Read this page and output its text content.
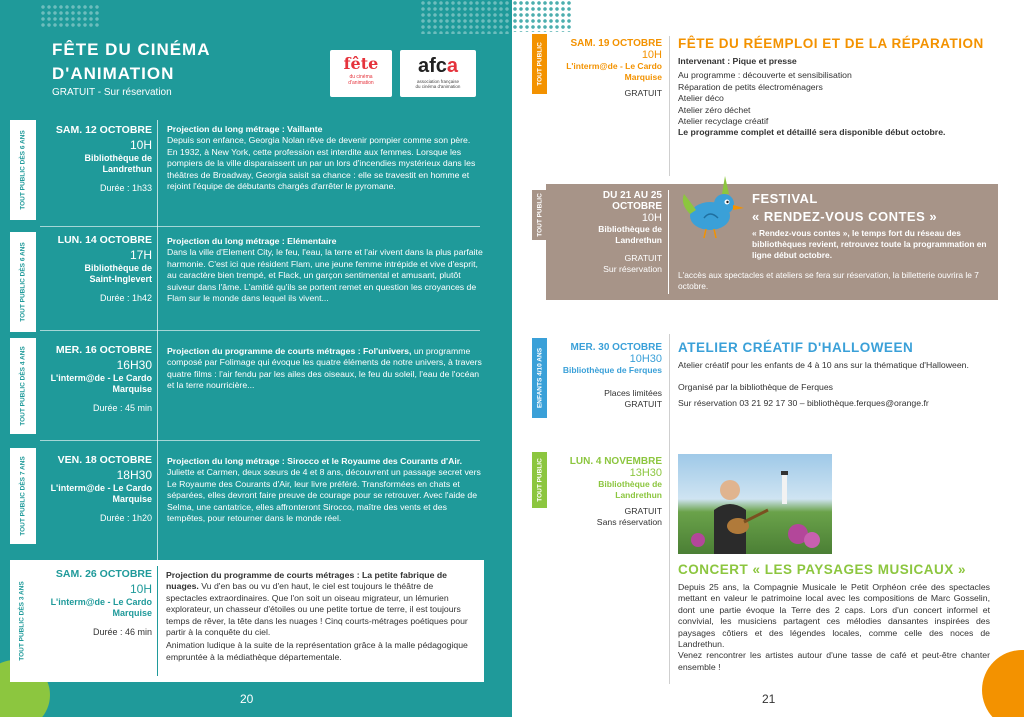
FÊTE DU CINÉMA D'ANIMATION
GRATUIT - Sur réservation
fête
du cinéma
d'animation
afca
association française
du cinéma d'animation
TOUT PUBLIC DÈS 6 ANS
SAM. 12 OCTOBRE
10H
Bibliothèque de Landrethun
Durée : 1h33
Projection du long métrage : Vaillante
Depuis son enfance, Georgia Nolan rêve de devenir pompier comme son père. En 1932, à New York, cette profession est interdite aux femmes. Lorsque les pompiers de la ville disparaissent un par un lors d'incendies mystérieux dans les théâtres de Broadway, Georgia saisit sa chance : elle se travestit en homme et rejoint l'équipe de débutants chargés d'arrêter le pyromane.
TOUT PUBLIC DÈS 6 ANS
LUN. 14 OCTOBRE
17H
Bibliothèque de Saint-Inglevert
Durée : 1h42
Projection du long métrage : Elémentaire
Dans la ville d'Element City, le feu, l'eau, la terre et l'air vivent dans la plus parfaite harmonie. C'est ici que résident Flam, une jeune femme intrépide et vive d'esprit, au caractère bien trempé, et Flack, un garçon sentimental et amusant, plutôt suiveur dans l'âme. L'amitié qu'ils se portent remet en question les croyances de Flam sur le monde dans lequel ils vivent...
TOUT PUBLIC DÈS 4 ANS	MER. 16 OCTOBRE
16H30
L'interm@de - Le Cardo Marquise
Durée : 45 min
Projection du programme de courts métrages : Fol'univers, un programme composé par Folimage qui évoque les quatre éléments de notre univers, à travers quatre films : l'air fendu par les ailes des oiseaux, le feu du soleil, l'eau de l'océan et la terre nourricière...
TOUT PUBLIC DÈS 7 ANS	VEN. 18 OCTOBRE
18H30
L'interm@de - Le Cardo Marquise
Durée : 1h20
Projection du long métrage : Sirocco et le Royaume des Courants d'Air. Juliette et Carmen, deux sœurs de 4 et 8 ans, découvrent un passage secret vers Le Royaume des Courants d'Air, leur livre préféré. Transformées en chats et séparées, elles devront faire preuve de courage pour se retrouver. Avec l'aide de Selma, une cantatrice, elles affronteront Sirocco, maître des vents et des tempêtes, pour retourner dans le monde réel.
TOUT PUBLIC DÈS 3 ANS
SAM. 26 OCTOBRE
10H
L'interm@de - Le Cardo Marquise
Durée : 46 min
Projection du programme de courts métrages : La petite fabrique de nuages. Vu d'en bas ou vu d'en haut, le ciel est toujours le théâtre de spectacles extraordinaires. Que l'on soit un oiseau migrateur, un lémurien explorateur, un chasseur d'étoiles ou une petite tortue de terre, il est toujours temps de rêver, la tête dans les nuages ! Cinq courts-métrages poétiques pour partir à la conquête du ciel.
Animation ludique à la suite de la représentation grâce à la malle pédagogique empruntée à la médiathèque départementale.
20
TOUT PUBLIC	SAM. 19 OCTOBRE
10H
L'interm@de - Le Cardo Marquise
GRATUIT
FÊTE DU RÉEMPLOI ET DE LA RÉPARATION
Intervenant : Pique et presse
Au programme : découverte et sensibilisation
Réparation de petits électroménagers
Atelier déco
Atelier zéro déchet
Atelier recyclage créatif
Le programme complet et détaillé sera disponible début octobre.
TOUT PUBLIC	DU 21 AU 25
OCTOBRE
10H
Bibliothèque de Landrethun
GRATUIT
Sur réservation
FESTIVAL
« RENDEZ-VOUS CONTES »
« Rendez-vous contes », le temps fort du réseau des bibliothèques revient, retrouvez toute la programmation en ligne début octobre.
L'accès aux spectacles et ateliers se fera sur réservation, la billetterie ouvrira le 7 octobre.
ENFANTS 4/10 ANS
MER. 30 OCTOBRE
10H30
Bibliothèque de Ferques
Places limitées
GRATUIT
ATELIER CRÉATIF D'HALLOWEEN
Atelier créatif pour les enfants de 4 à 10 ans sur la thématique d'Halloween.
Organisé par la bibliothèque de Ferques
Sur réservation 03 21 92 17 30 – bibliothèque.ferques@orange.fr
TOUT PUBLIC	LUN. 4 NOVEMBRE
13H30
Bibliothèque de Landrethun
GRATUIT
Sans réservation
CONCERT « LES PAYSAGES MUSICAUX »
Depuis 25 ans, la Compagnie Musicale le Petit Orphéon crée des spectacles mettant en valeur le patrimoine local avec les compositions de Marc Gosselin, dont une partie évoque la Terre des 2 caps. Lors d'un concert informel et convivial, les musiciens partagent ces mélodies dansantes inspirées des paysages côtiers et des légendes locales, comme celle des noces de Landrethun.
Venez rencontrer les artistes autour d'une tasse de café et peut-être chanter ensemble !
21
